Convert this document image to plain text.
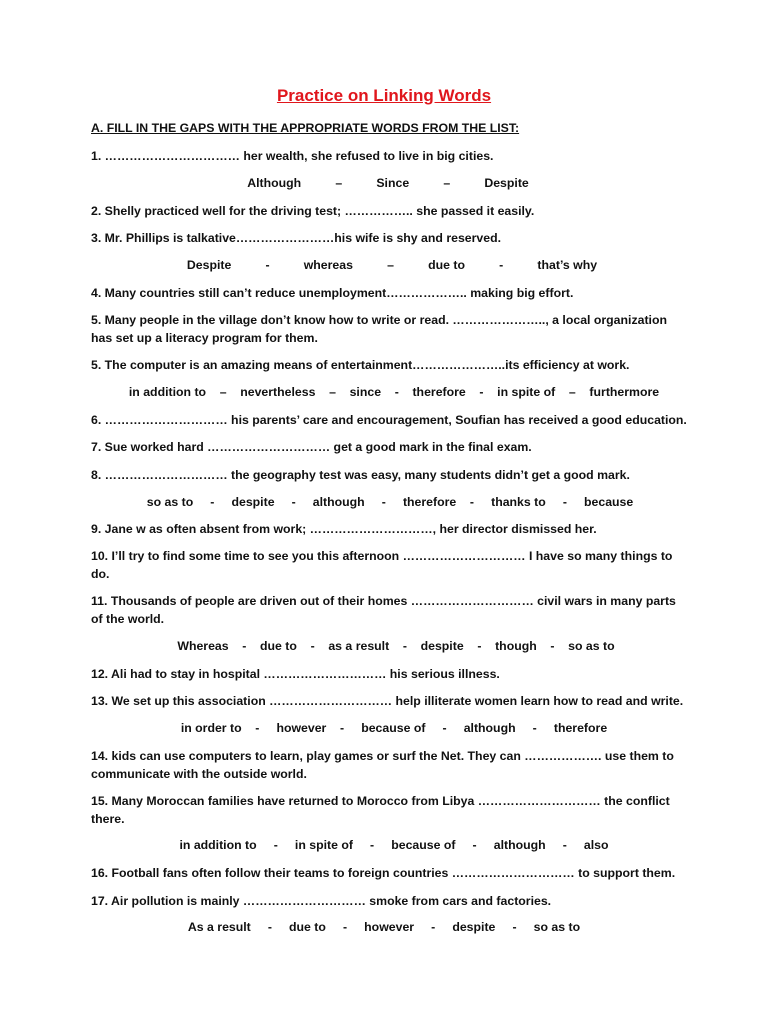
Practice on Linking Words
A. FILL IN THE GAPS WITH THE APPROPRIATE WORDS FROM THE LIST:
1. …………………………… her wealth, she refused to live in big cities.
Although          –          Since          –          Despite
2. Shelly practiced well for the driving test; …………….. she passed it easily.
3. Mr. Phillips is talkative……………………his wife is shy and reserved.
Despite          -          whereas          –          due to          -          that’s why
4. Many countries still can’t reduce unemployment……………….. making big effort.
5. Many people in the village don’t know how to write or read. ………………….., a local organization has set up a literacy program for them.
5. The computer is an amazing means of entertainment…………………..its efficiency at work.
in addition to    –    nevertheless    –    since    -    therefore    -    in spite of    –    furthermore
6. ………………………… his parents’ care and encouragement, Soufian has received a good education.
7. Sue worked hard ………………………… get a good mark in the final exam.
8. ………………………… the geography test was easy, many students didn’t get a good mark.
so as to     -     despite     -     although     -     therefore    -     thanks to     -     because
9. Jane w as often absent from work; …………………………, her director dismissed her.
10. I’ll try to find some time to see you this afternoon ………………………… I have so many things to do.
11. Thousands of people are driven out of their homes ………………………… civil wars in many parts of the world.
Whereas    -    due to    -    as a result    -    despite    -    though    -    so as to
12. Ali had to stay in hospital ………………………… his serious illness.
13. We set up this association ………………………… help illiterate women learn how to read and write.
in order to    -     however    -     because of     -     although     -     therefore
14. kids can use computers to learn, play games or surf the Net. They can ………………. use them to communicate with the outside world.
15. Many Moroccan families have returned to Morocco from Libya ………………………… the conflict there.
in addition to     -     in spite of     -     because of     -     although     -     also
16. Football fans often follow their teams to foreign countries ………………………… to support them.
17. Air pollution is mainly ………………………… smoke from cars and factories.
As a result     -     due to     -     however     -     despite     -     so as to
